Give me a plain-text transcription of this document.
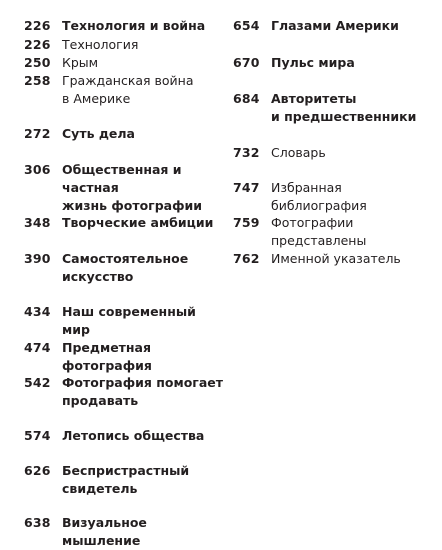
226 Технология и война
226 Технология
250 Крым
258 Гражданская война
в Америке
272 Суть дела
306 Общественная и частная
жизнь фотографии
348 Творческие амбиции
390 Самостоятельное
искусство
434 Наш современный мир
474 Предметная фотография
542 Фотография помогает
продавать
574 Летопись общества
626 Беспристрастный
свидетель
638 Визуальное мышление
654 Глазами Америки
670 Пульс мира
684 Авторитеты
и предшественники
732 Словарь
747 Избранная библиография
759 Фотографии представлены
762 Именной указатель
